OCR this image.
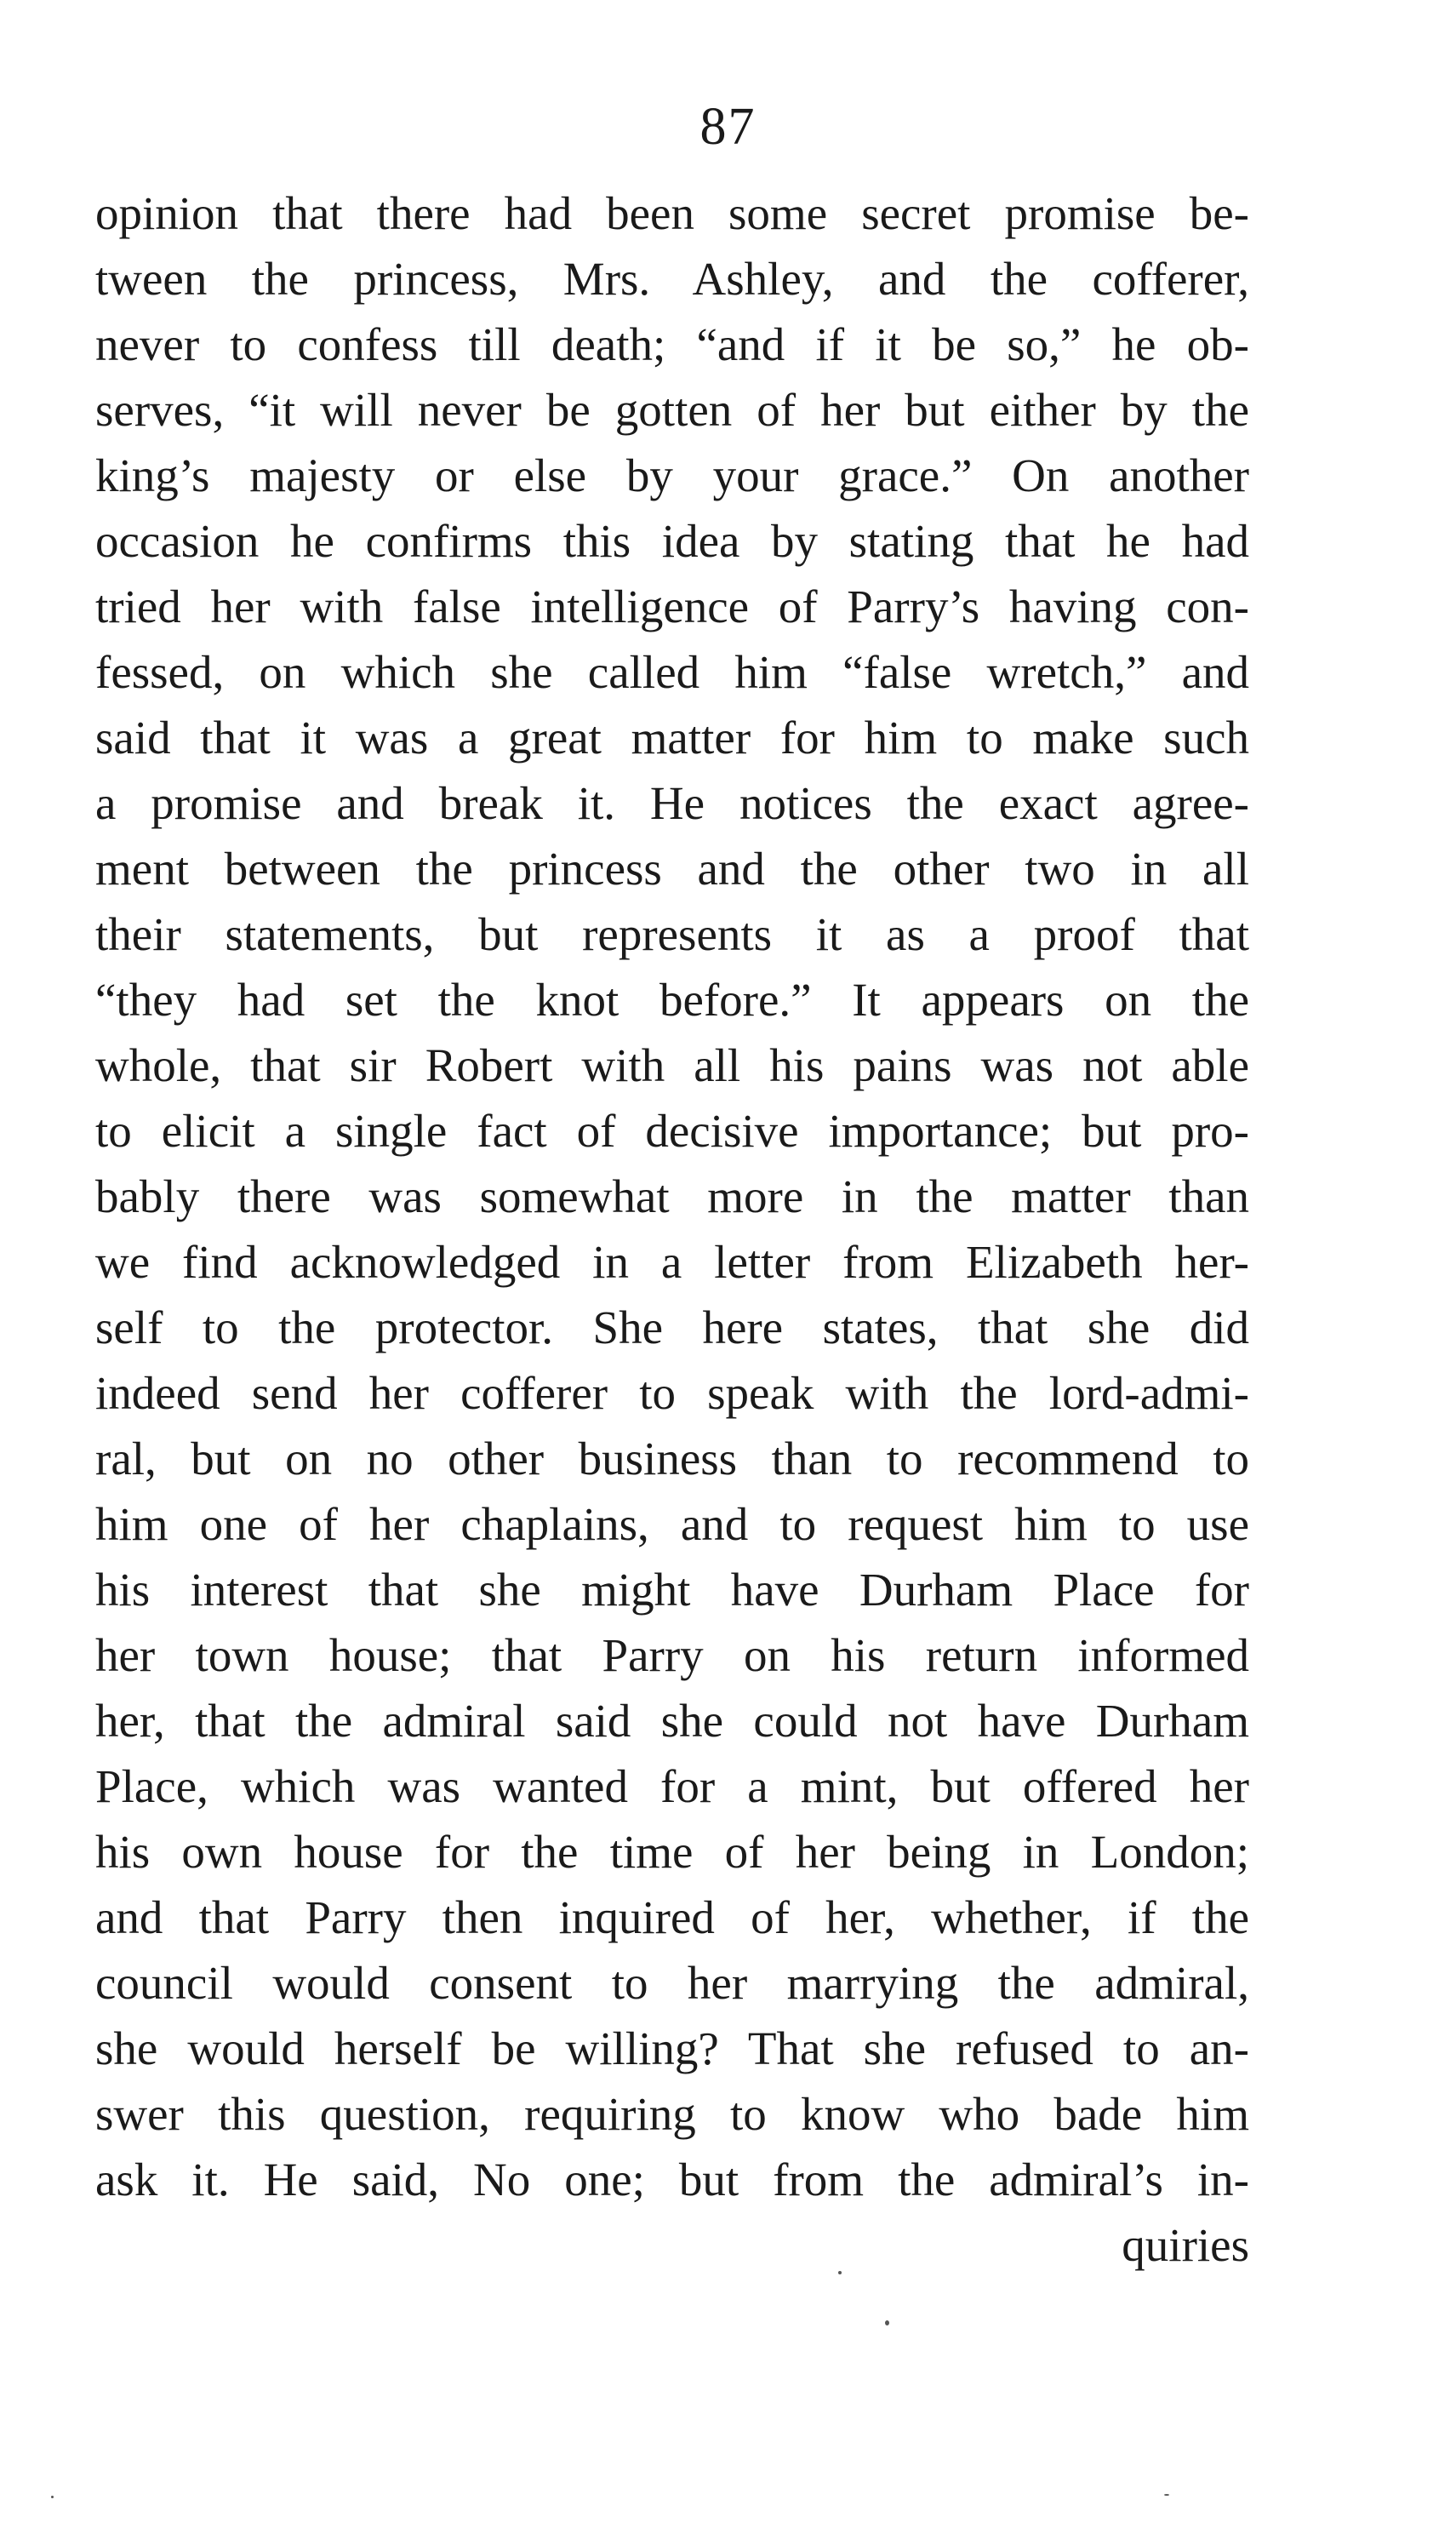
87
opinion that there had been some secret promise be-
tween the princess, Mrs. Ashley, and the cofferer,
never to confess till death; “and if it be so,” he ob-
serves, “it will never be gotten of her but either by the
king’s majesty or else by your grace.” On another
occasion he confirms this idea by stating that he had
tried her with false intelligence of Parry’s having con-
fessed, on which she called him “false wretch,” and
said that it was a great matter for him to make such
a promise and break it. He notices the exact agree-
ment between the princess and the other two in all
their statements, but represents it as a proof that
“they had set the knot before.” It appears on the
whole, that sir Robert with all his pains was not able
to elicit a single fact of decisive importance; but pro-
bably there was somewhat more in the matter than
we find acknowledged in a letter from Elizabeth her-
self to the protector. She here states, that she did
indeed send her cofferer to speak with the lord-admi-
ral, but on no other business than to recommend to
him one of her chaplains, and to request him to use
his interest that she might have Durham Place for
her town house; that Parry on his return informed
her, that the admiral said she could not have Durham
Place, which was wanted for a mint, but offered her
his own house for the time of her being in London;
and that Parry then inquired of her, whether, if the
council would consent to her marrying the admiral,
she would herself be willing? That she refused to an-
swer this question, requiring to know who bade him
ask it. He said, No one; but from the admiral’s in-
quiries
